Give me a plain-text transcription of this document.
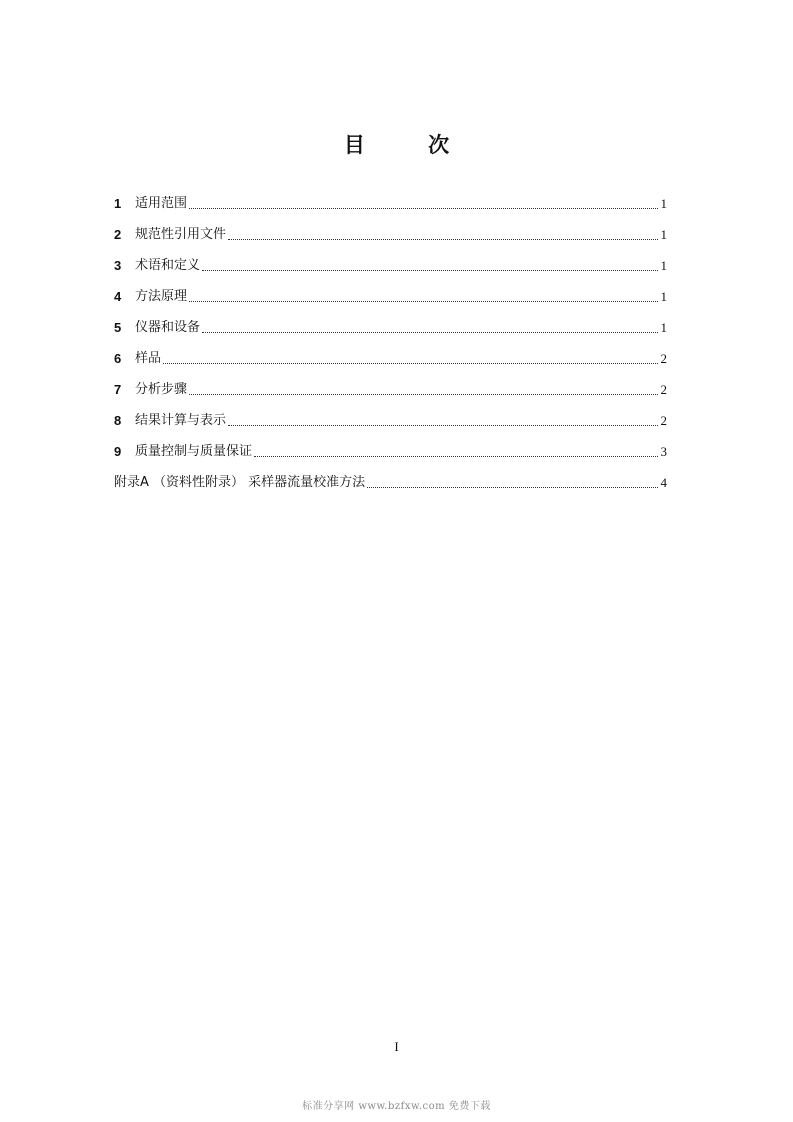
目 次
1	适用范围	1
2	规范性引用文件	1
3	术语和定义	1
4	方法原理	1
5	仪器和设备	1
6	样品	2
7	分析步骤	2
8	结果计算与表示	2
9	质量控制与质量保证	3
附录A （资料性附录） 采样器流量校准方法	4
I
标准分享网 www.bzfxw.com 免费下载
